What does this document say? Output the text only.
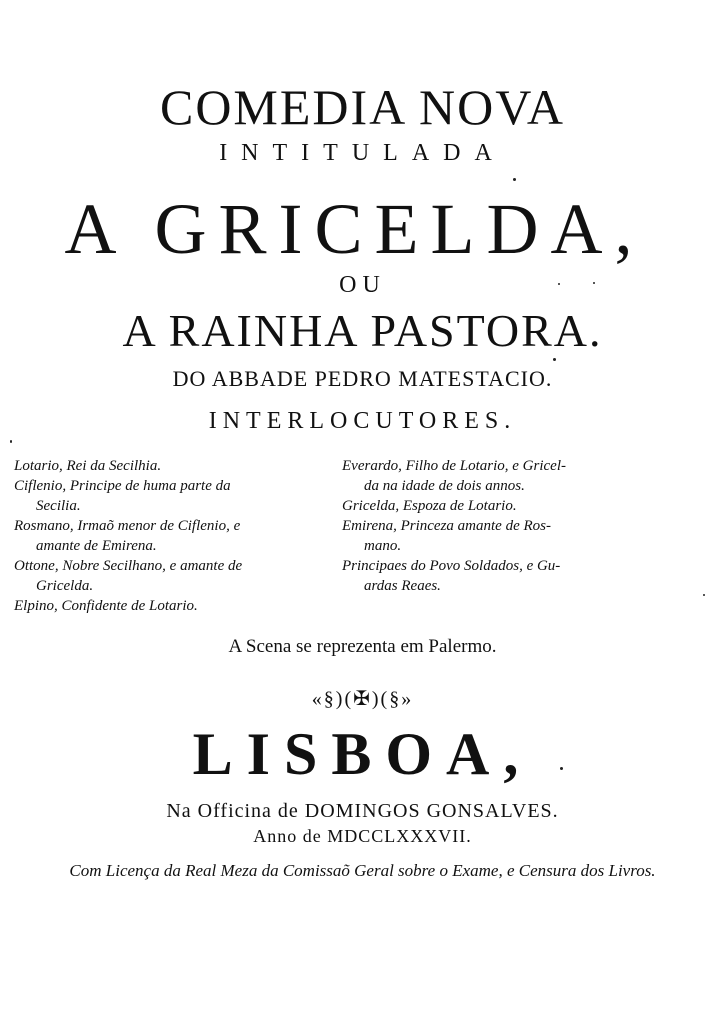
COMEDIA NOVA
INTITULADA
A GRICELDA,
OU
A RAINHA PASTORA.
DO ABBADE PEDRO MATESTACIO.
INTERLOCUTORES.

Lotario, Rei da Secilhia.

Ciflenio, Principe de huma parte da

Secilia.

Rosmano, Irmaõ menor de Ciflenio, e

amante de Emirena.

Ottone, Nobre Secilhano, e amante de

Gricelda.

Elpino, Confidente de Lotario.

Everardo, Filho de Lotario, e Gricel-

da na idade de dois annos.

Gricelda, Espoza de Lotario.

Emirena, Princeza amante de Ros-

mano.

Principaes do Povo Soldados, e Gu-

ardas Reaes.

A Scena se reprezenta em Palermo.
«§)(✠)(§»
LISBOA,
Na Officina de DOMINGOS GONSALVES.
Anno de MDCCLXXXVII.
Com Licença da Real Meza da Comissaõ Geral sobre o Exame, e Censura dos Livros.
